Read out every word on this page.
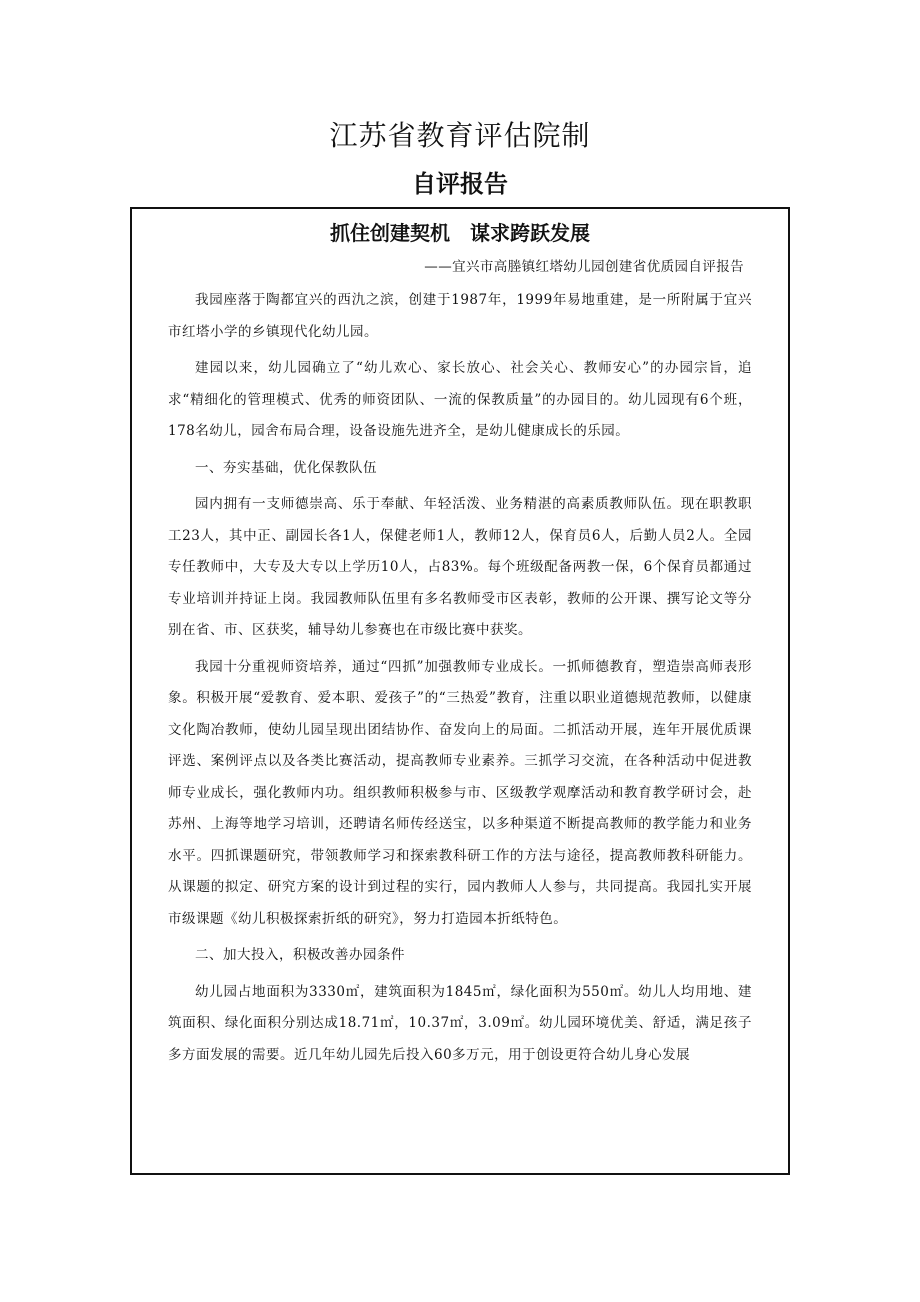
江苏省教育评估院制
自评报告
抓住创建契机　谋求跨跃发展
——宜兴市高塍镇红塔幼儿园创建省优质园自评报告

我园座落于陶都宜兴的西氿之滨，创建于1987年，1999年易地重建，是一所附属于宜兴市红塔小学的乡镇现代化幼儿园。

建园以来，幼儿园确立了“幼儿欢心、家长放心、社会关心、教师安心”的办园宗旨，追求“精细化的管理模式、优秀的师资团队、一流的保教质量”的办园目的。幼儿园现有6个班，178名幼儿，园舍布局合理，设备设施先进齐全，是幼儿健康成长的乐园。

一、夯实基础，优化保教队伍

园内拥有一支师德崇高、乐于奉献、年轻活泼、业务精湛的高素质教师队伍。现在职教职工23人，其中正、副园长各1人，保健老师1人，教师12人，保育员6人，后勤人员2人。全园专任教师中，大专及大专以上学历10人，占83%。每个班级配备两教一保，6个保育员都通过专业培训并持证上岗。我园教师队伍里有多名教师受市区表彰，教师的公开课、撰写论文等分别在省、市、区获奖，辅导幼儿参赛也在市级比赛中获奖。

我园十分重视师资培养，通过“四抓”加强教师专业成长。一抓师德教育，塑造崇高师表形象。积极开展“爱教育、爱本职、爱孩子”的“三热爱”教育，注重以职业道德规范教师，以健康文化陶冶教师，使幼儿园呈现出团结协作、奋发向上的局面。二抓活动开展，连年开展优质课评选、案例评点以及各类比赛活动，提高教师专业素养。三抓学习交流，在各种活动中促进教师专业成长，强化教师内功。组织教师积极参与市、区级教学观摩活动和教育教学研讨会，赴苏州、上海等地学习培训，还聘请名师传经送宝，以多种渠道不断提高教师的教学能力和业务水平。四抓课题研究，带领教师学习和探索教科研工作的方法与途径，提高教师教科研能力。从课题的拟定、研究方案的设计到过程的实行，园内教师人人参与，共同提高。我园扎实开展市级课题《幼儿积极探索折纸的研究》，努力打造园本折纸特色。

二、加大投入，积极改善办园条件

幼儿园占地面积为3330㎡，建筑面积为1845㎡，绿化面积为550㎡。幼儿人均用地、建筑面积、绿化面积分别达成18.71㎡，10.37㎡，3.09㎡。幼儿园环境优美、舒适，满足孩子多方面发展的需要。近几年幼儿园先后投入60多万元，用于创设更符合幼儿身心发展
